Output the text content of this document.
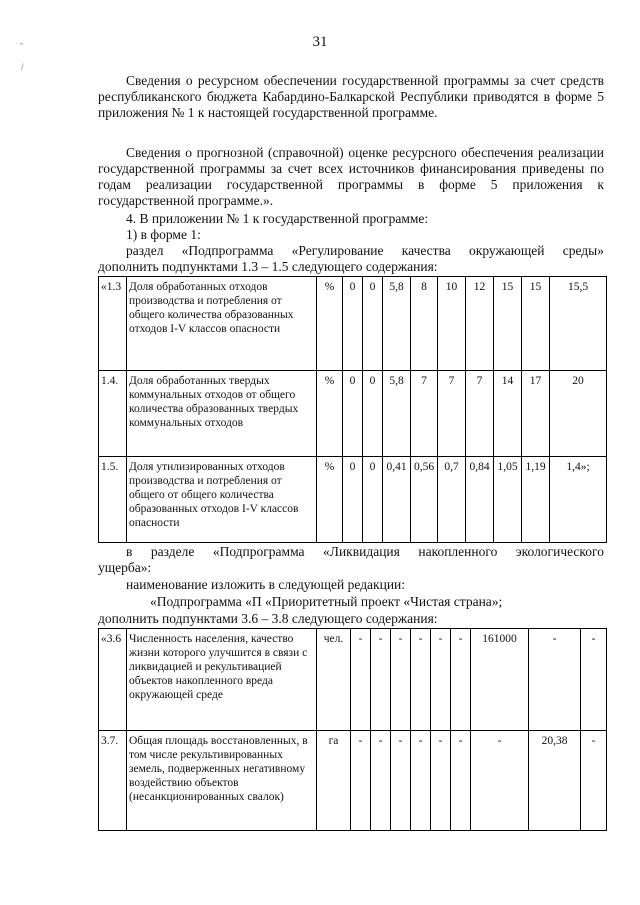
31
-
/
Сведения о ресурсном обеспечении государственной программы за счет средств республиканского бюджета Кабардино-Балкарской Республики приводятся в форме 5 приложения № 1 к настоящей государственной программе.
Сведения о прогнозной (справочной) оценке ресурсного обеспечения реализации государственной программы за счет всех источников финансирования приведены по годам реализации государственной программы в форме 5 приложения к государственной программе.».
4. В приложении № 1 к государственной программе:
1) в форме 1:
раздел «Подпрограмма «Регулирование качества окружающей среды»
дополнить подпунктами 1.3 – 1.5 следующего содержания:
«1.3	Доля обработанных отходов производства и потребления от общего количества образованных отходов I-V классов опасности	%	0	0	5,8	8	10	12	15	15	15,5
1.4.	Доля обработанных твердых коммунальных отходов от общего количества образованных твердых коммунальных отходов	%	0	0	5,8	7	7	7	14	17	20
1.5.	Доля утилизированных отходов производства и потребления от общего от общего количества образованных отходов I-V классов опасности	%	0	0	0,41	0,56	0,7	0,84	1,05	1,19	1,4»;
в разделе «Подпрограмма «Ликвидация накопленного экологического
ущерба»:
наименование изложить в следующей редакции:
«Подпрограмма «П «Приоритетный проект «Чистая страна»;
дополнить подпунктами 3.6 – 3.8 следующего содержания:
«3.6	Численность населения, качество жизни которого улучшится в связи с ликвидацией и рекультивацией объектов накопленного вреда окружающей среде	чел.	-	-	-	-	-	-	161000	-	-
3.7.	Общая площадь восстановленных, в том числе рекультивированных земель, подверженных негативному воздействию объектов (несанкционированных свалок)	га	-	-	-	-	-	-	-	20,38	-
